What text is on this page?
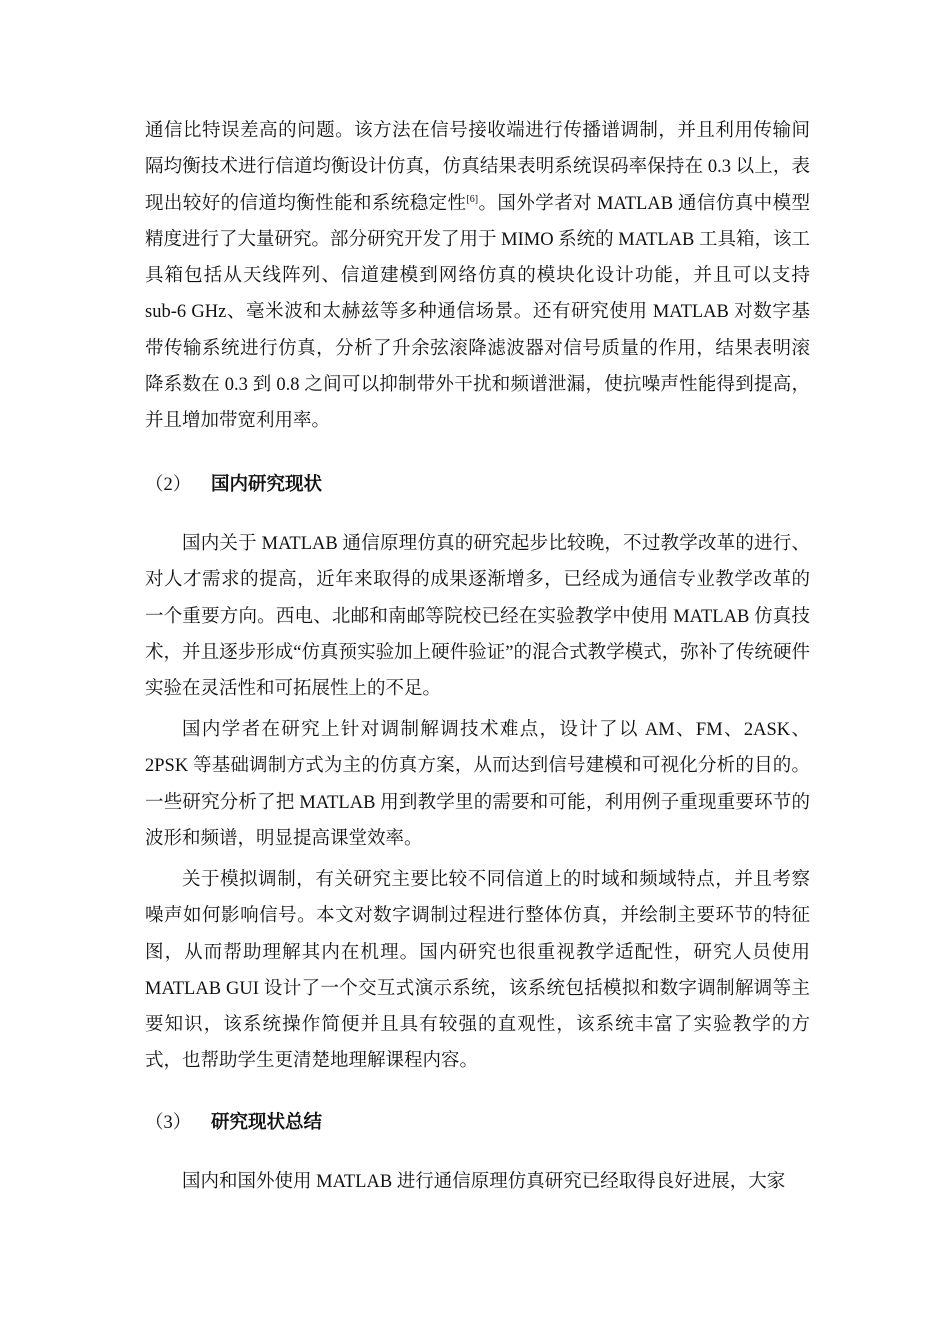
通信比特误差高的问题。该方法在信号接收端进行传播谱调制，并且利用传输间隔均衡技术进行信道均衡设计仿真，仿真结果表明系统误码率保持在 0.3 以上，表现出较好的信道均衡性能和系统稳定性[6]。国外学者对 MATLAB 通信仿真中模型精度进行了大量研究。部分研究开发了用于 MIMO 系统的 MATLAB 工具箱，该工具箱包括从天线阵列、信道建模到网络仿真的模块化设计功能，并且可以支持 sub-6 GHz、毫米波和太赫兹等多种通信场景。还有研究使用 MATLAB 对数字基带传输系统进行仿真，分析了升余弦滚降滤波器对信号质量的作用，结果表明滚降系数在 0.3 到 0.8 之间可以抑制带外干扰和频谱泄漏，使抗噪声性能得到提高，并且增加带宽利用率。

（2） 国内研究现状

国内关于 MATLAB 通信原理仿真的研究起步比较晚，不过教学改革的进行、对人才需求的提高，近年来取得的成果逐渐增多，已经成为通信专业教学改革的一个重要方向。西电、北邮和南邮等院校已经在实验教学中使用 MATLAB 仿真技术，并且逐步形成“仿真预实验加上硬件验证”的混合式教学模式，弥补了传统硬件实验在灵活性和可拓展性上的不足。

国内学者在研究上针对调制解调技术难点，设计了以 AM、FM、2ASK、2PSK 等基础调制方式为主的仿真方案，从而达到信号建模和可视化分析的目的。一些研究分析了把 MATLAB 用到教学里的需要和可能，利用例子重现重要环节的波形和频谱，明显提高课堂效率。

关于模拟调制，有关研究主要比较不同信道上的时域和频域特点，并且考察噪声如何影响信号。本文对数字调制过程进行整体仿真，并绘制主要环节的特征图，从而帮助理解其内在机理。国内研究也很重视教学适配性，研究人员使用 MATLAB GUI 设计了一个交互式演示系统，该系统包括模拟和数字调制解调等主要知识，该系统操作简便并且具有较强的直观性，该系统丰富了实验教学的方式，也帮助学生更清楚地理解课程内容。

（3） 研究现状总结

国内和国外使用 MATLAB 进行通信原理仿真研究已经取得良好进展，大家
